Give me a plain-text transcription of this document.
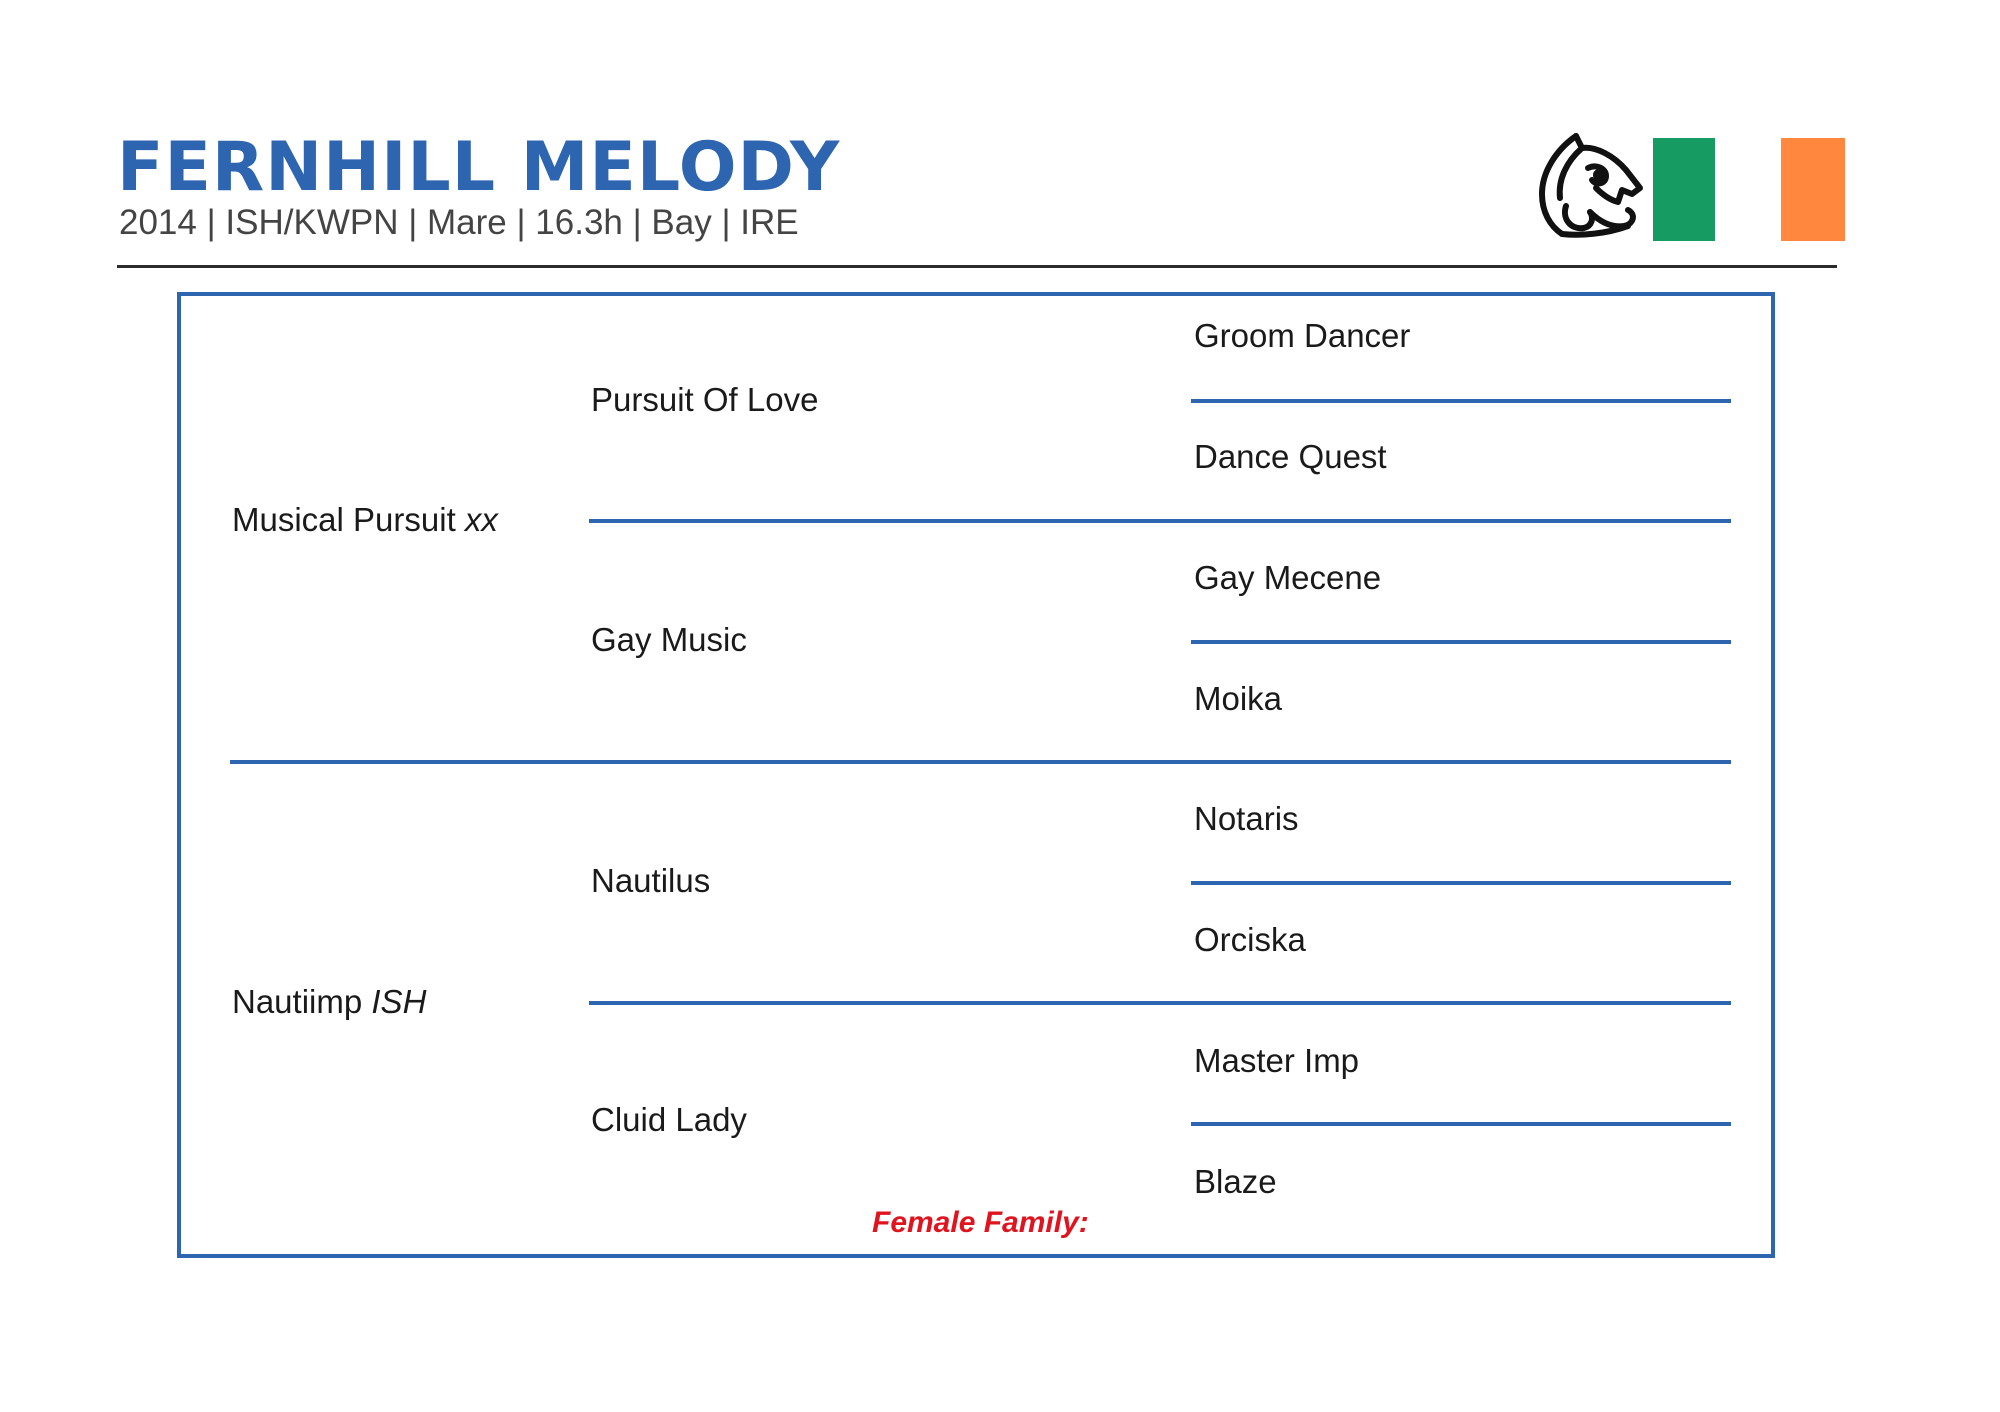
FERNHILL MELODY
2014 | ISH/KWPN | Mare | 16.3h | Bay | IRE
Musical Pursuit xx
Nautiimp ISH
Pursuit Of Love
Gay Music
Nautilus
Cluid Lady
Groom Dancer
Dance Quest
Gay Mecene
Moika
Notaris
Orciska
Master Imp
Blaze
Female Family:
